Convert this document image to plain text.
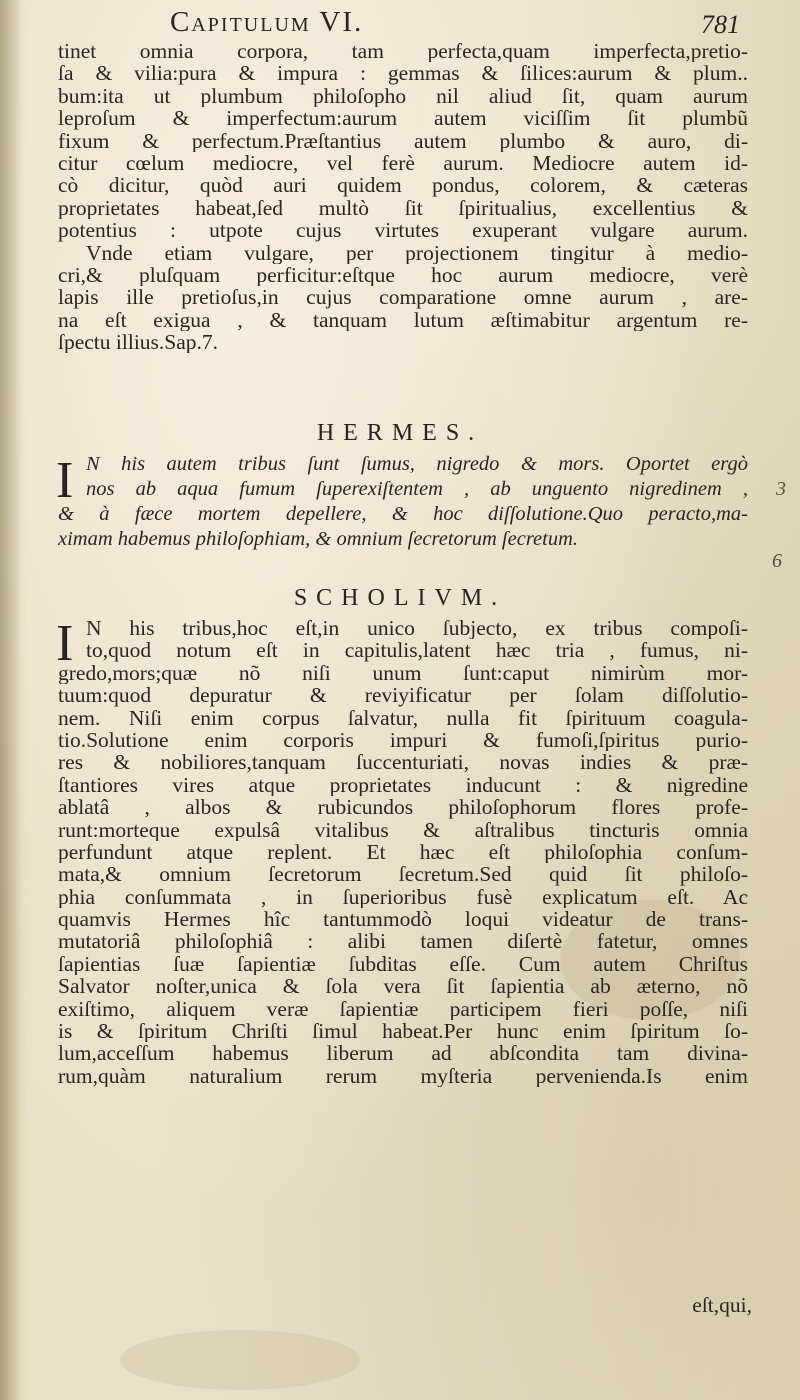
Capitulum VI.	781
tinet omnia corpora, tam perfecta,quam imperfecta,pretio-
ſa & vilia:pura & impura : gemmas & ſilices:aurum & plum..
bum:ita ut plumbum philoſopho nil aliud ſit, quam aurum
leproſum & imperfectum:aurum autem viciſſim ſit plumbũ
fixum & perfectum.Præſtantius autem plumbo & auro, di-
citur cœlum mediocre, vel ferè aurum. Mediocre autem id-
cò dicitur, quòd auri quidem pondus, colorem, & cæteras
proprietates habeat,ſed multò ſit ſpiritualius, excellentius &
potentius : utpote cujus virtutes exuperant vulgare aurum.
Vnde etiam vulgare, per projectionem tingitur à medio-
cri,& pluſquam perficitur:eſtque hoc aurum mediocre, verè
lapis ille pretioſus,in cujus comparatione omne aurum , are-
na eſt exigua , & tanquam lutum æſtimabitur argentum re-
ſpectu illius.Sap.7.
HERMES.
I N his autem tribus ſunt ſumus, nigredo & mors. Oportet ergò
nos ab aqua fumum ſuperexiſtentem , ab unguento nigredinem ,
& à fæce mortem depellere, & hoc diſſolutione.Quo peracto,ma-
ximam habemus philoſophiam, & omnium ſecretorum ſecretum.
3
6
SCHOLIVM.
I N his tribus,hoc eſt,in unico ſubjecto, ex tribus compoſi-
to,quod notum eſt in capitulis,latent hæc tria , fumus, ni-
gredo,mors;quæ nõ niſi unum ſunt:caput nimirùm mor-
tuum:quod depuratur & reviyificatur per ſolam diſſolutio-
nem. Niſi enim corpus ſalvatur, nulla fit ſpirituum coagula-
tio.Solutione enim corporis impuri & fumoſi,ſpiritus puriо-
res & nobiliores,tanquam ſuccenturiati, novas indies & præ-
ſtantiores vires atque proprietates inducunt : & nigredine
ablatâ , albos & rubicundos philoſophorum flores profe-
runt:morteque expulsâ vitalibus & aſtralibus tincturis omnia
perfundunt atque replent. Et hæc eſt philoſophia conſum-
mata,& omnium ſecretorum ſecretum.Sed quid ſit philoſo-
phia conſummata , in ſuperioribus fusè explicatum eſt. Ac
quamvis Hermes hîc tantummodò loqui videatur de trans-
mutatoriâ philoſophiâ : alibi tamen diſertè fatetur, omnes
ſapientias ſuæ ſapientiæ ſubditas eſſe. Cum autem Chriſtus
Salvator noſter,unica & ſola vera ſit ſapientia ab æterno, nõ
exiſtimo, aliquem veræ ſapientiæ participem fieri poſſe, niſi
is & ſpiritum Chriſti ſimul habeat.Per hunc enim ſpiritum ſo-
lum,acceſſum habemus liberum ad abſcondita tam divina-
rum,quàm naturalium rerum myſteria perveniendа.Is enim
eſt,qui,
